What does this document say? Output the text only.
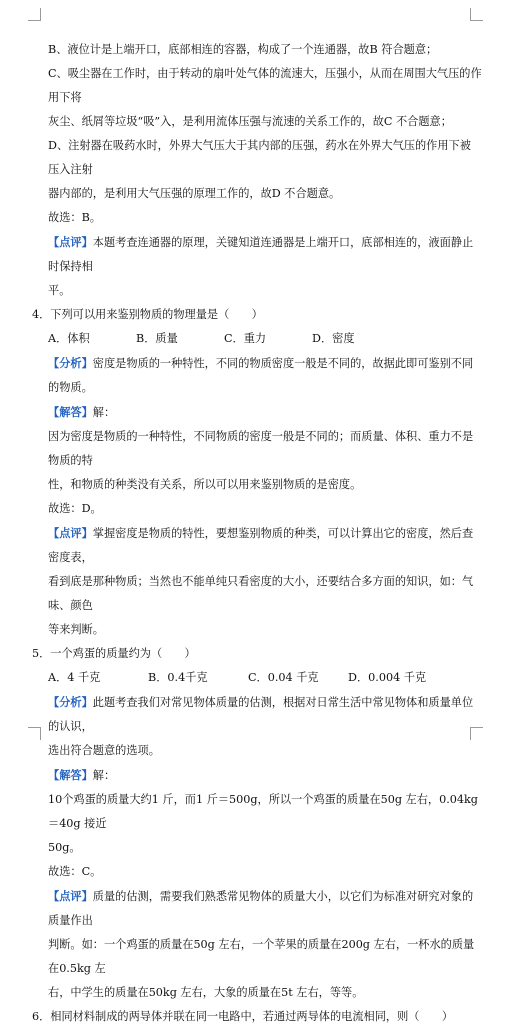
B、液位计是上端开口，底部相连的容器，构成了一个连通器，故B 符合题意；

C、吸尘器在工作时，由于转动的扇叶处气体的流速大，压强小，从而在周围大气压的作用下将

灰尘、纸屑等垃圾“吸”入，是利用流体压强与流速的关系工作的，故C 不合题意；

D、注射器在吸药水时，外界大气压大于其内部的压强，药水在外界大气压的作用下被压入注射

器内部的，是利用大气压强的原理工作的，故D 不合题意。

故选：B。

【点评】本题考查连通器的原理，关键知道连通器是上端开口，底部相连的，液面静止时保持相

平。

4．下列可以用来鉴别物质的物理量是（　　）

A．体积	B．质量	C．重力	D．密度

【分析】密度是物质的一种特性，不同的物质密度一般是不同的，故据此即可鉴别不同的物质。

【解答】解：

因为密度是物质的一种特性，不同物质的密度一般是不同的；而质量、体积、重力不是物质的特

性，和物质的种类没有关系，所以可以用来鉴别物质的是密度。

故选：D。

【点评】掌握密度是物质的特性，要想鉴别物质的种类，可以计算出它的密度，然后查密度表，

看到底是那种物质；当然也不能单纯只看密度的大小，还要结合多方面的知识，如：气味、颜色

等来判断。

5．一个鸡蛋的质量约为（　　）

A．4 千克	B．0.4千克	C．0.04 千克	D．0.004 千克

【分析】此题考查我们对常见物体质量的估测，根据对日常生活中常见物体和质量单位的认识，

选出符合题意的选项。

【解答】解：

10个鸡蛋的质量大约1 斤，而1 斤＝500g，所以一个鸡蛋的质量在50g 左右，0.04kg＝40g 接近

50g。

故选：C。

【点评】质量的估测，需要我们熟悉常见物体的质量大小，以它们为标准对研究对象的质量作出

判断。如：一个鸡蛋的质量在50g 左右，一个苹果的质量在200g 左右，一杯水的质量在0.5kg 左

右，中学生的质量在50kg 左右，大象的质量在5t 左右，等等。

6．相同材料制成的两导体并联在同一电路中，若通过两导体的电流相同，则（　　）
